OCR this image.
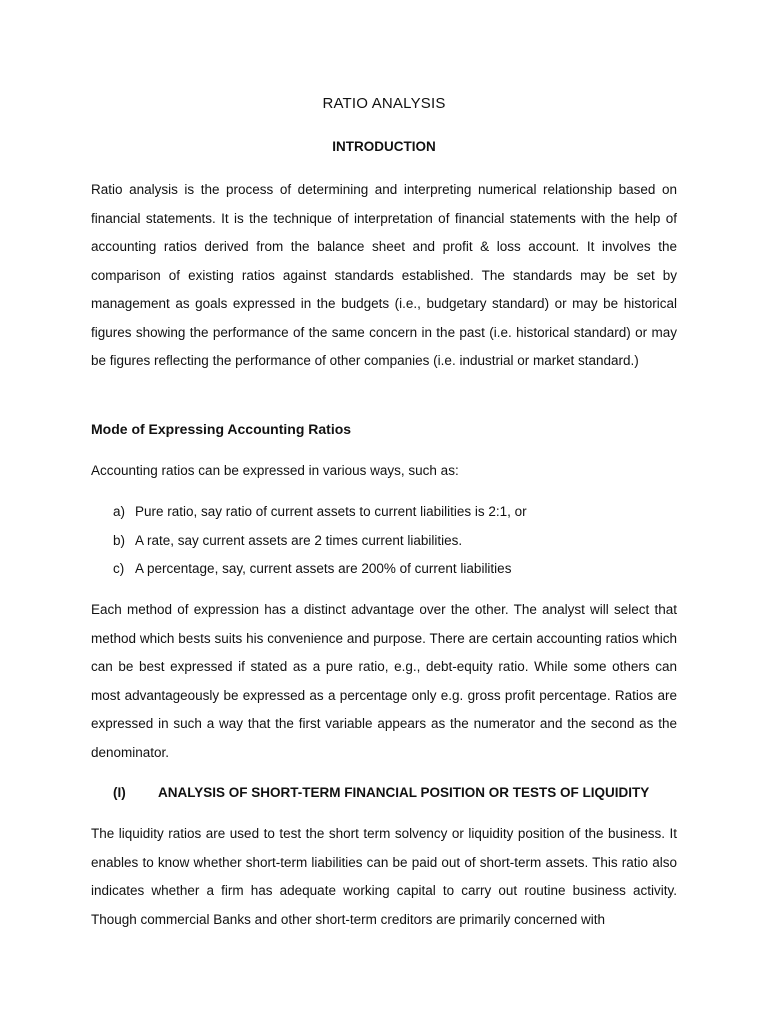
RATIO ANALYSIS
INTRODUCTION
Ratio analysis is the process of determining and interpreting numerical relationship based on financial statements. It is the technique of interpretation of financial statements with the help of accounting ratios derived from the balance sheet and profit & loss account. It involves the comparison of existing ratios against standards established. The standards may be set by management as goals expressed in the budgets (i.e., budgetary standard) or may be historical figures showing the performance of the same concern in the past (i.e. historical standard) or may be figures reflecting the performance of other companies (i.e. industrial or market standard.)
Mode of Expressing Accounting Ratios
Accounting ratios can be expressed in various ways, such as:
a) Pure ratio, say ratio of current assets to current liabilities is 2:1, or
b) A rate, say current assets are 2 times current liabilities.
c) A percentage, say, current assets are 200% of current liabilities
Each method of expression has a distinct advantage over the other. The analyst will select that method which bests suits his convenience and purpose. There are certain accounting ratios which can be best expressed if stated as a pure ratio, e.g., debt-equity ratio. While some others can most advantageously be expressed as a percentage only e.g. gross profit percentage. Ratios are expressed in such a way that the first variable appears as the numerator and the second as the denominator.
(I)	ANALYSIS OF SHORT-TERM FINANCIAL POSITION OR TESTS OF LIQUIDITY
The liquidity ratios are used to test the short term solvency or liquidity position of the business. It enables to know whether short-term liabilities can be paid out of short-term assets. This ratio also indicates whether a firm has adequate working capital to carry out routine business activity. Though commercial Banks and other short-term creditors are primarily concerned with
